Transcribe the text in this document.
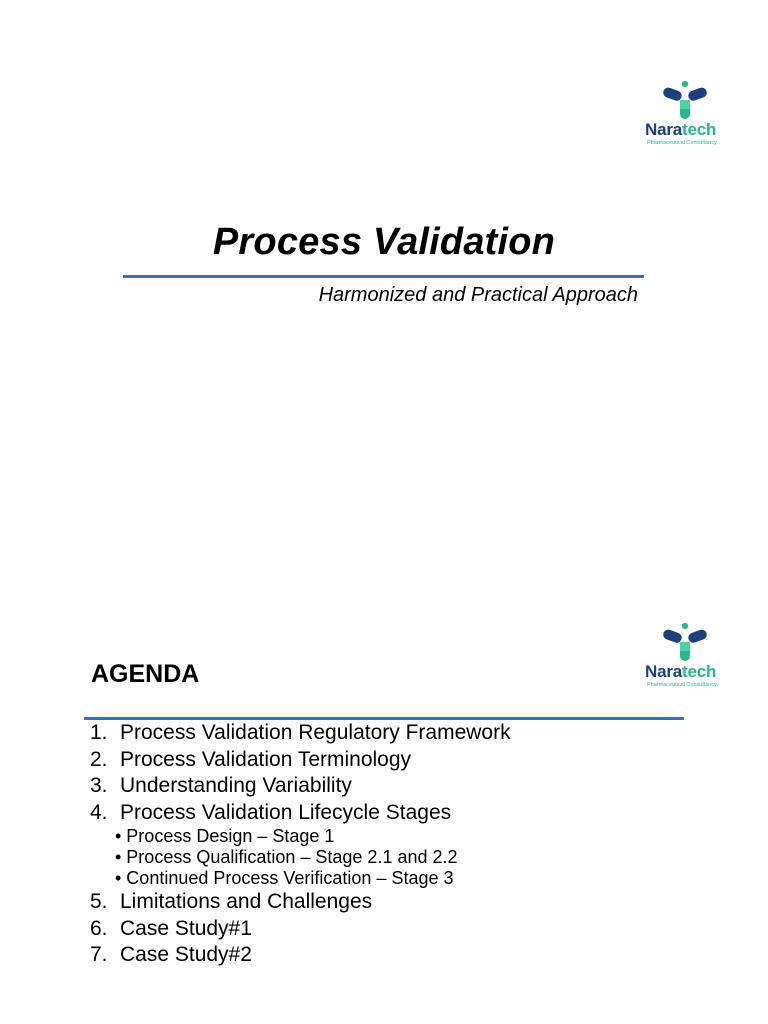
Naratech
Pharmaceutical Consultancy
Process Validation
Harmonized and Practical Approach
Naratech
Pharmaceutical Consultancy
AGENDA
1. Process Validation Regulatory Framework
2. Process Validation Terminology
3. Understanding Variability
4. Process Validation Lifecycle Stages
• Process Design – Stage 1
• Process Qualification – Stage 2.1 and 2.2
• Continued Process Verification – Stage 3
5. Limitations and Challenges
6. Case Study#1
7. Case Study#2
